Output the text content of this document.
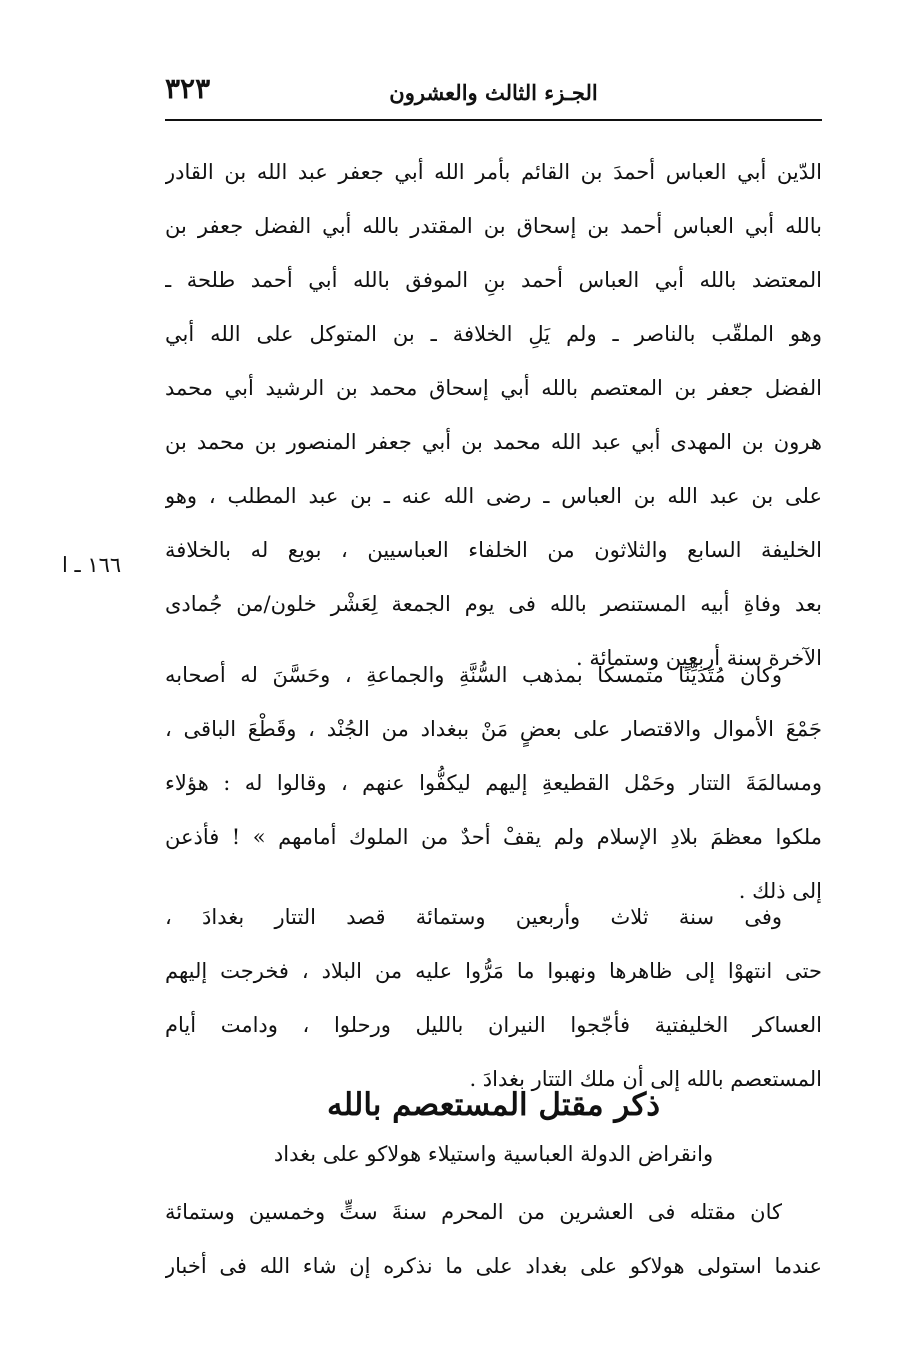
٣٢٣	الجـزء الثالث والعشرون
الدّين أبي العباس أحمدَ بن القائم بأمر الله أبي جعفر عبد الله بن القادر
بالله أبي العباس أحمد بن إسحاق بن المقتدر بالله أبي الفضل جعفر بن
المعتضد بالله أبي العباس أحمد بنِ الموفق بالله أبي أحمد طلحة ـ
وهو الملقّب بالناصر ـ ولم يَلِ الخلافة ـ بن المتوكل على الله أبي
الفضل جعفر بن المعتصم بالله أبي إسحاق محمد بن الرشيد أبي محمد
هرون بن المهدى أبي عبد الله محمد بن أبي جعفر المنصور بن محمد بن
على بن عبد الله بن العباس ـ رضى الله عنه ـ بن عبد المطلب ، وهو
الخليفة السابع والثلاثون من الخلفاء العباسيين ، بويع له بالخلافة
بعد وفاةِ أبيه المستنصر بالله فى يوم الجمعة لِعَشْر خلون/من جُمادى
الآخرة سنة أربعين وستمائة .
١٦٦ ـ ا
وكان مُتَدَيِّنًا متمسكا بمذهب السُّنَّةِ والجماعةِ ، وحَسَّنَ له أصحابه
جَمْعَ الأموال والاقتصار على بعضٍ مَنْ ببغداد من الجُنْد ، وقَطْعَ الباقى ،
ومسالمَةَ التتار وحَمْل القطيعةِ إليهم ليكفُّوا عنهم ، وقالوا له : هؤلاء
ملكوا معظمَ بلادِ الإسلام ولم يقفْ أحدٌ من الملوك أمامهم » ! فأذعن
إلى ذلك .
وفى سنة ثلاث وأربعين وستمائة قصد التتار بغدادَ ،
حتى انتهوْا إلى ظاهرها ونهبوا ما مَرُّوا عليه من البلاد ، فخرجت إليهم
العساكر الخليفتية فأجّجوا النيران بالليل ورحلوا ، ودامت أيام
المستعصم بالله إلى أن ملك التتار بغدادَ .
ذكر مقتل المستعصم بالله
وانقراض الدولة العباسية واستيلاء هولاكو على بغداد
كان مقتله فى العشرين من المحرم سنةَ ستٍّ وخمسين وستمائة
عندما استولى هولاكو على بغداد على ما نذكره إن شاء الله فى أخبار
